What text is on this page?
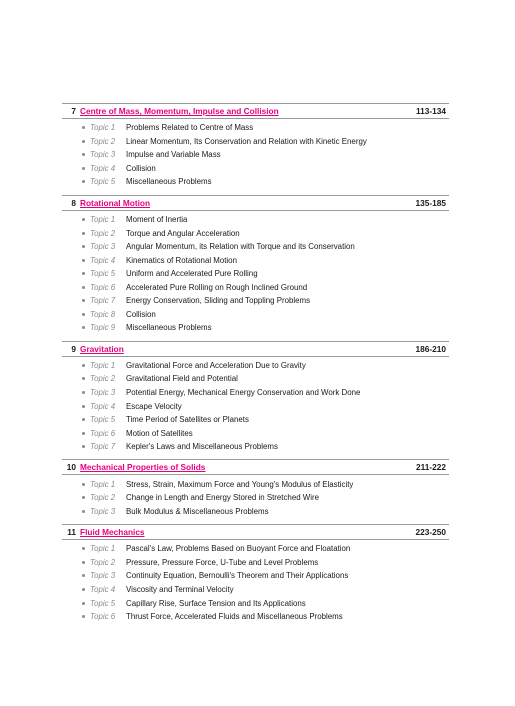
7 Centre of Mass, Momentum, Impulse and Collision	113-134
Topic 1	Problems Related to Centre of Mass
Topic 2	Linear Momentum, Its Conservation and Relation with Kinetic Energy
Topic 3	Impulse and Variable Mass
Topic 4	Collision
Topic 5	Miscellaneous Problems
8 Rotational Motion	135-185
Topic 1	Moment of Inertia
Topic 2	Torque and Angular Acceleration
Topic 3	Angular Momentum, its Relation with Torque and its Conservation
Topic 4	Kinematics of Rotational Motion
Topic 5	Uniform and Accelerated Pure Rolling
Topic 6	Accelerated Pure Rolling on Rough Inclined Ground
Topic 7	Energy Conservation, Sliding and Toppling Problems
Topic 8	Collision
Topic 9	Miscellaneous Problems
9 Gravitation	186-210
Topic 1	Gravitational Force and Acceleration Due to Gravity
Topic 2	Gravitational Field and Potential
Topic 3	Potential Energy, Mechanical Energy Conservation and Work Done
Topic 4	Escape Velocity
Topic 5	Time Period of Satellites or Planets
Topic 6	Motion of Satellites
Topic 7	Kepler's Laws and Miscellaneous Problems
10 Mechanical Properties of Solids	211-222
Topic 1	Stress, Strain, Maximum Force and Young's Modulus of Elasticity
Topic 2	Change in Length and Energy Stored in Stretched Wire
Topic 3	Bulk Modulus & Miscellaneous Problems
11 Fluid Mechanics	223-250
Topic 1	Pascal's Law, Problems Based on Buoyant Force and Floatation
Topic 2	Pressure, Pressure Force, U-Tube and Level Problems
Topic 3	Continuity Equation, Bernoulli's Theorem and Their Applications
Topic 4	Viscosity and Terminal Velocity
Topic 5	Capillary Rise, Surface Tension and Its Applications
Topic 6	Thrust Force, Accelerated Fluids and Miscellaneous Problems
